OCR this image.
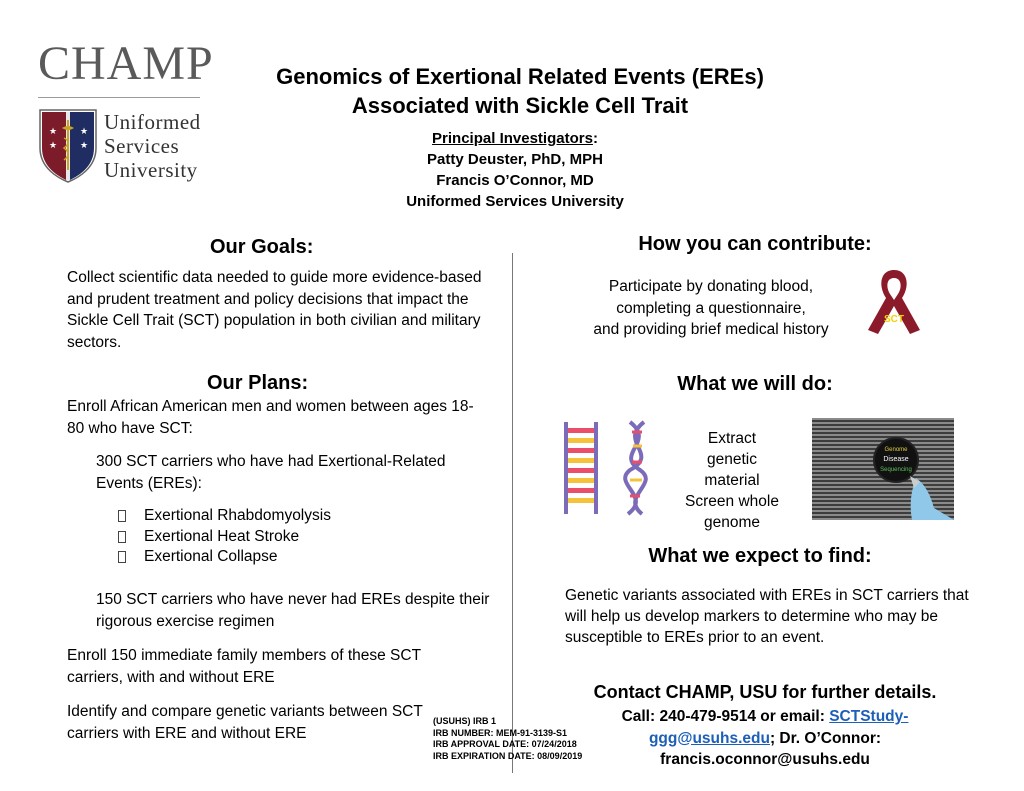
CHAMP
★
★
★
★
Uniformed
Services
University
Genomics of Exertional Related Events (EREs)
Associated with Sickle Cell Trait
Principal Investigators:
Patty Deuster, PhD, MPH
Francis O’Connor, MD
Uniformed Services University
Our Goals:
Collect scientific data needed to guide more evidence-based and prudent treatment and policy decisions that impact the Sickle Cell Trait (SCT) population in both civilian and military sectors.
Our Plans:
Enroll African American men and women between ages 18-80 who have SCT:
300 SCT carriers who have had Exertional-Related Events (EREs):
Exertional Rhabdomyolysis
Exertional Heat Stroke
Exertional Collapse
150 SCT carriers who have never had EREs despite their rigorous exercise regimen
Enroll 150 immediate family members of these SCT carriers, with and without ERE
Identify and compare genetic variants between SCT carriers with ERE and without ERE
(USUHS) IRB 1
IRB NUMBER: MEM-91-3139-S1
IRB APPROVAL DATE: 07/24/2018
IRB EXPIRATION DATE: 08/09/2019
How you can contribute:
Participate by donating blood,
completing a questionnaire,
and providing brief medical history
SCT
What we will do:
Extract
genetic
material
Screen whole
genome
Genome
Disease
Sequencing
What we expect to find:
Genetic variants associated with EREs in SCT carriers that will help us develop markers to determine who may be susceptible to EREs prior to an event.
Contact CHAMP, USU for further details.
Call: 240-479-9514 or email: SCTStudy-
ggg@usuhs.edu; Dr. O’Connor:
francis.oconnor@usuhs.edu
